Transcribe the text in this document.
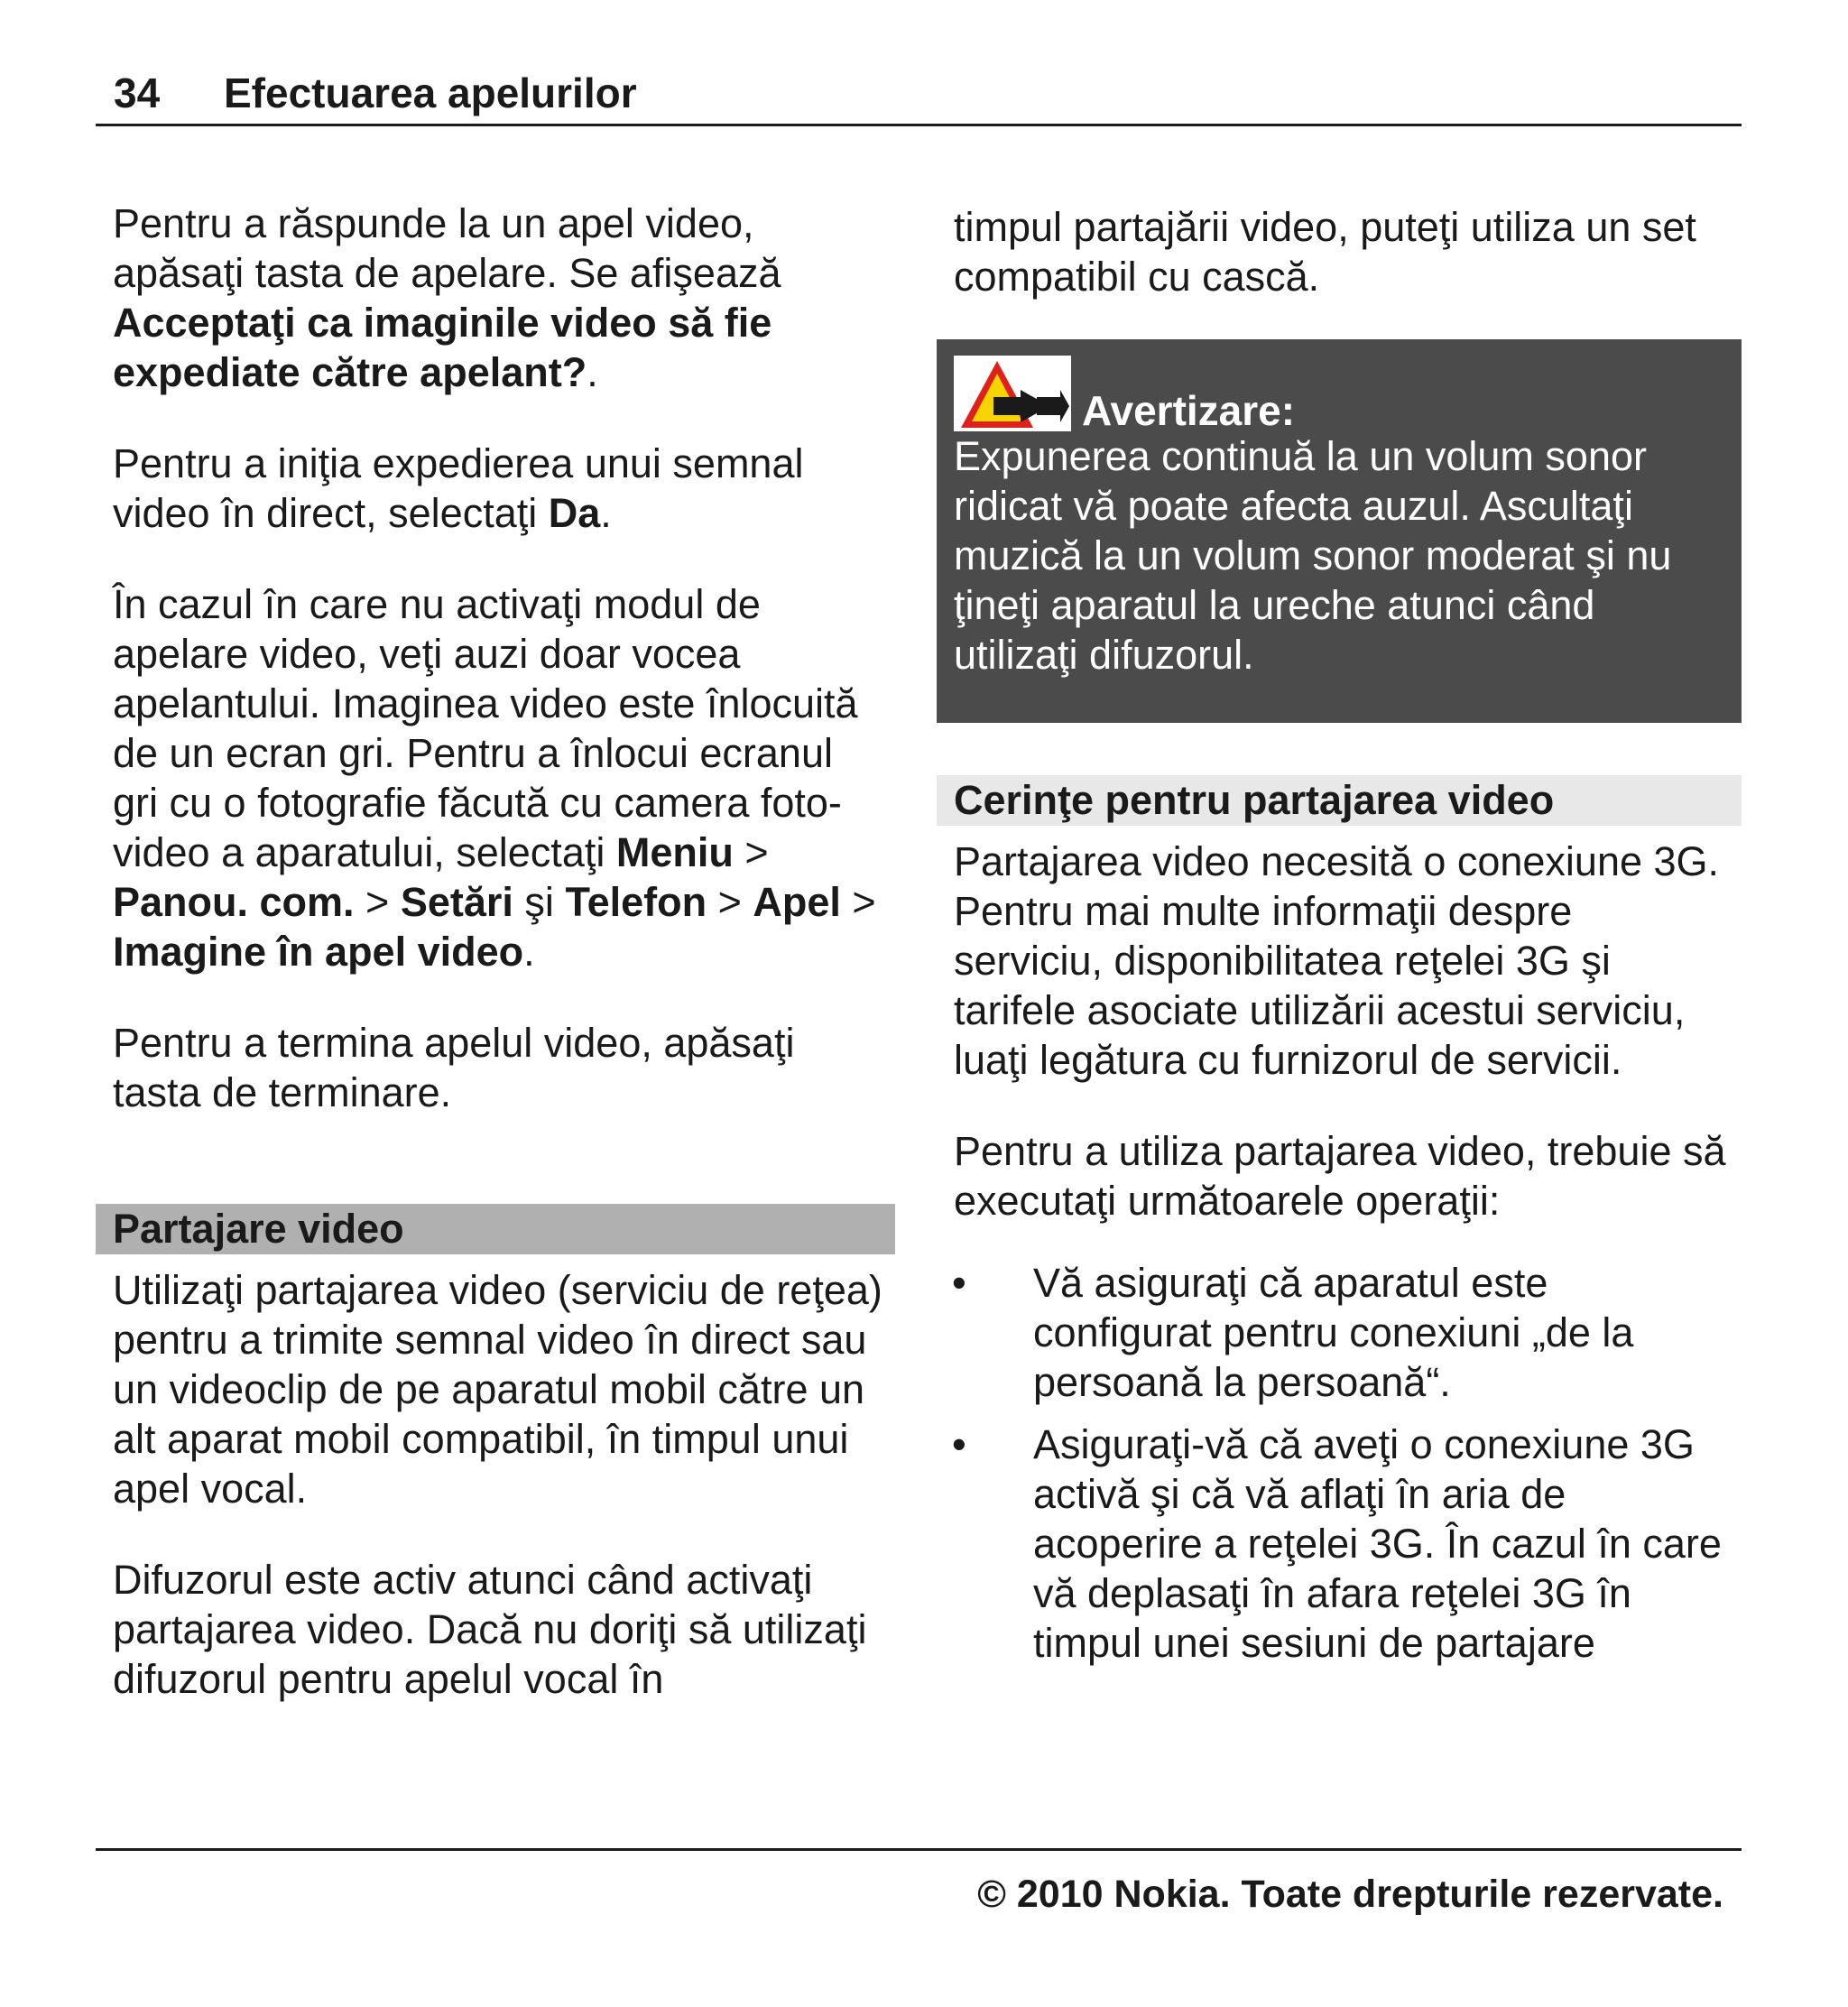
34 Efectuarea apelurilor

Pentru a răspunde la un apel video, apăsaţi tasta de apelare. Se afişează Acceptaţi ca imaginile video să fie expediate către apelant?.

Pentru a iniţia expedierea unui semnal video în direct, selectaţi Da.

În cazul în care nu activaţi modul de apelare video, veţi auzi doar vocea apelantului. Imaginea video este înlocuită de un ecran gri. Pentru a înlocui ecranul gri cu o fotografie făcută cu camera foto-video a aparatului, selectaţi Meniu > Panou. com. > Setări şi Telefon > Apel > Imagine în apel video.

Pentru a termina apelul video, apăsaţi tasta de terminare.

Partajare video

Utilizaţi partajarea video (serviciu de reţea) pentru a trimite semnal video în direct sau un videoclip de pe aparatul mobil către un alt aparat mobil compatibil, în timpul unui apel vocal.

Difuzorul este activ atunci când activaţi partajarea video. Dacă nu doriţi să utilizaţi difuzorul pentru apelul vocal în

timpul partajării video, puteţi utiliza un set compatibil cu cască.

Avertizare:
Expunerea continuă la un volum sonor ridicat vă poate afecta auzul. Ascultaţi muzică la un volum sonor moderat şi nu ţineţi aparatul la ureche atunci când utilizaţi difuzorul.
Cerinţe pentru partajarea video

Partajarea video necesită o conexiune 3G. Pentru mai multe informaţii despre serviciu, disponibilitatea reţelei 3G şi tarifele asociate utilizării acestui serviciu, luaţi legătura cu furnizorul de servicii.

Pentru a utiliza partajarea video, trebuie să executaţi următoarele operaţii:

• Vă asiguraţi că aparatul este configurat pentru conexiuni „de la persoană la persoană“.
• Asiguraţi-vă că aveţi o conexiune 3G activă şi că vă aflaţi în aria de acoperire a reţelei 3G. În cazul în care vă deplasaţi în afara reţelei 3G în timpul unei sesiuni de partajare
© 2010 Nokia. Toate drepturile rezervate.
